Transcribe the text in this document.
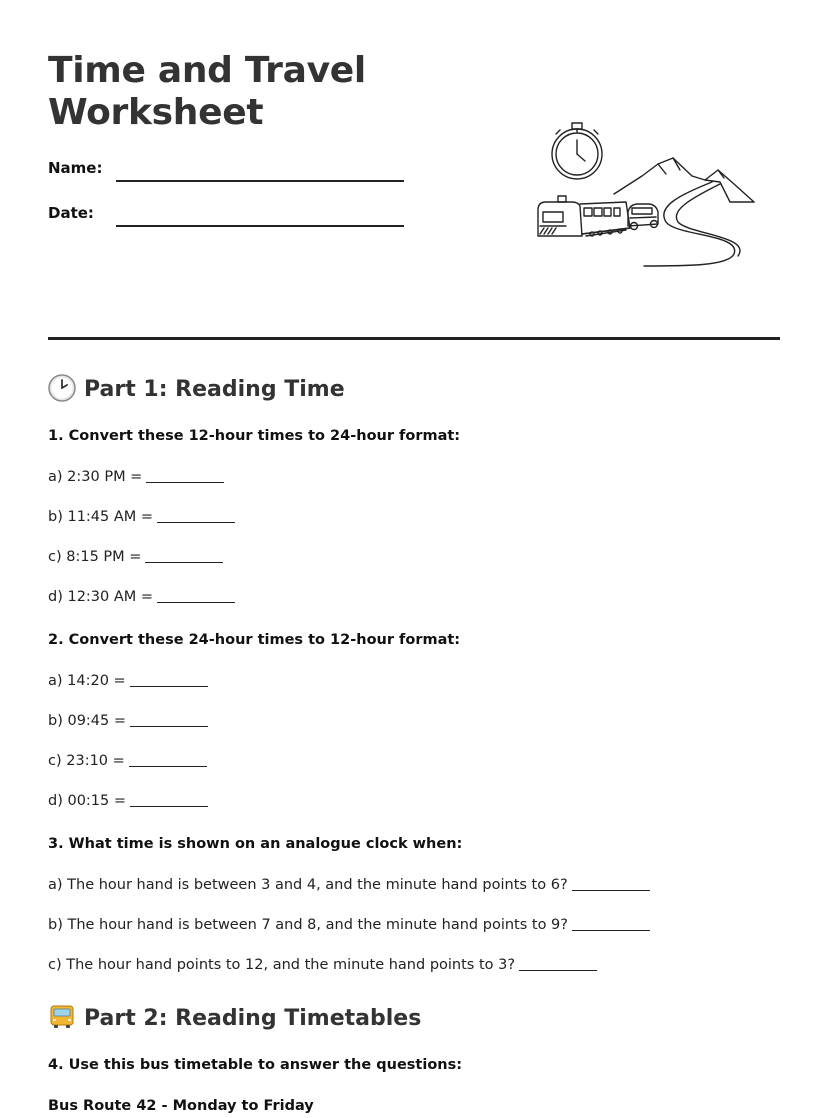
Time and Travel
Worksheet
Name:
Date:
Part 1: Reading Time
1. Convert these 12-hour times to 24-hour format:
a) 2:30 PM =
b) 11:45 AM =
c) 8:15 PM =
d) 12:30 AM =
2. Convert these 24-hour times to 12-hour format:
a) 14:20 =
b) 09:45 =
c) 23:10 =
d) 00:15 =
3. What time is shown on an analogue clock when:
a) The hour hand is between 3 and 4, and the minute hand points to 6?
b) The hour hand is between 7 and 8, and the minute hand points to 9?
c) The hour hand points to 12, and the minute hand points to 3?
Part 2: Reading Timetables
4. Use this bus timetable to answer the questions:
Bus Route 42 - Monday to Friday
